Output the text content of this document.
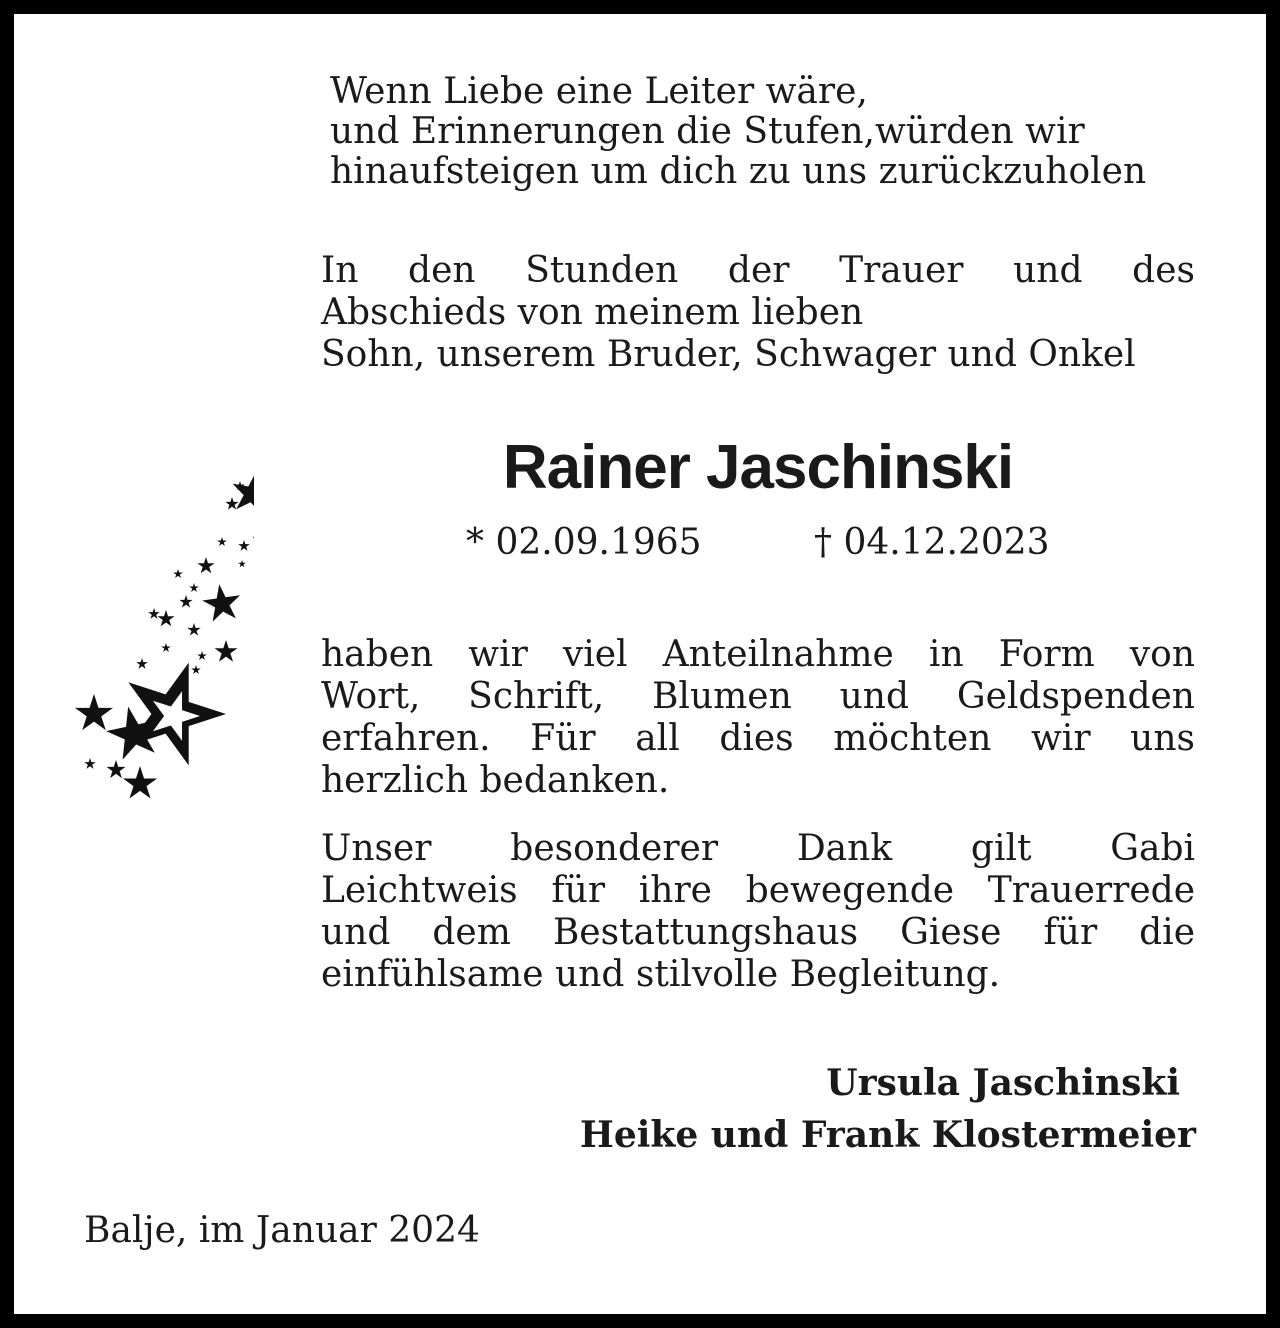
Wenn Liebe eine Leiter wäre,
und Erinnerungen die Stufen,würden wir
hinaufsteigen um dich zu uns zurückzuholen
In den Stunden der Trauer und des
Abschieds von meinem lieben
Sohn, unserem Bruder, Schwager und Onkel
Rainer Jaschinski
* 02.09.1965	† 04.12.2023
haben wir viel Anteilnahme in Form von
Wort, Schrift, Blumen und Geldspenden
erfahren. Für all dies möchten wir uns
herzlich bedanken.
Unser besonderer Dank gilt Gabi
Leichtweis für ihre bewegende Trauerrede
und dem Bestattungshaus Giese für die
einfühlsame und stilvolle Begleitung.
Ursula Jaschinski
Heike und Frank Klostermeier
Balje, im Januar 2024
